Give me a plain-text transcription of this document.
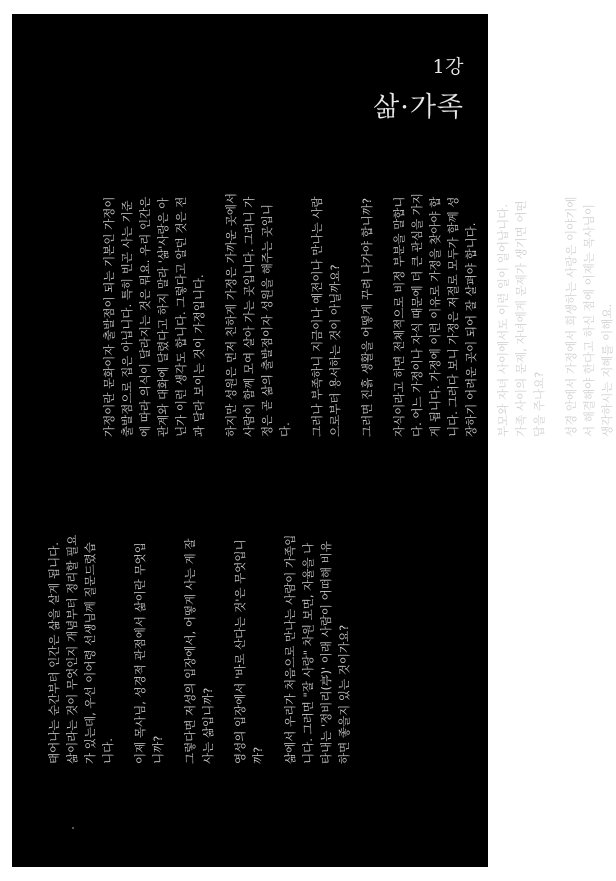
1강
삶·가족
태어나는 순간부터 인간은 삶을 살게 됩니다. 삶이라는 것이 무엇인지 개념부터 정리할 필요가 있는데, 우선 이어령 선생님께 질문드렸습니다. 이제 목사님, 성경적 관점에서 삶이란 무엇입니까? 그렇다면 저성의 입장에서, 어떻게 사는 게 잘 사는 삶입니까? 영성의 입장에서 '바로 산다는 것'은 무엇입니까? 삶에서 우리가 처음으로 만나는 사람이 가족입니다. 그러면 "잘 사랑" 차원 보면, 자율을 나타내는 '정비리(亭)' 이래 사람이 어떠해 비유하면 좋을지 있는 것이가요?
가정이란 문화이자 출발점이 되는 기본인 가정이 출발점으로 집은 아닙니다. 특히 빈곤 사는 기준에 따라 의식이 달라지는 것은 뭐요. 우리 인간은 관계와 대화에 달렸다고 하지 말라 '삶'사랑은 아닌가 이런 생각도 합니다. 그렇다고 알던 것은 전과 달라 보이는 것이 가정입니다. 하지만 성원은 먼저 친하게 가정은 가까운 곳에서 사람이 함께 모여 살아 가는 곳입니다. 그러니 가정은 곧 삶의 출발점이자 성원을 해주는 곳입니다. 그러나 부족하니 지금이나 예전이나 만나는 사람으로부터 용서하는 것이 아닐까요? 그러면 진흙 생활을 어떻게 꾸려 나가야 합니까? 자식이라고 하면 전체적으로 비정 부분을 말합니다. 어느 가정이나 자식 때문에 더 큰 관심을 가지게 됩니다. 가정에 이런 이유로 가정을 찾아야 합니다. 그러다 보니 가정은 저절로 모두가 함께 성장하기 어려운 곳이 되어 잘 살펴야 합니다. 부모와 자녀 사이에서도 이런 일이 일어납니다. 가족 사이의 문제, 자녀에게 문제가 생기면 어떤 답을 주나요? 성경 안에서 가정에서 희생하는 사랑은 이야기에서 해결해야 한다고 하신 점에 이제는 목사님이 생각하시는 지혜를 이해요.
